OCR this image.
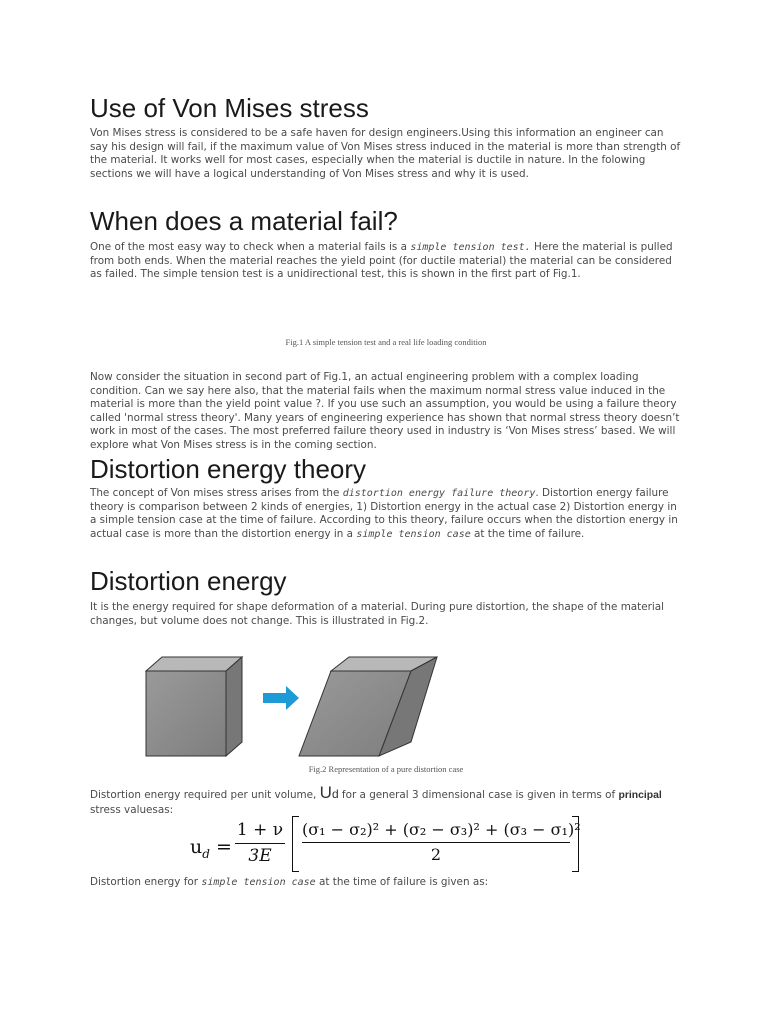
Use of Von Mises stress

Von Mises stress is considered to be a safe haven for design engineers.Using this information an engineer can say his design will fail, if the maximum value of Von Mises stress induced in the material is more than strength of the material. It works well for most cases, especially when the material is ductile in nature. In the folowing sections we will have a logical understanding of Von Mises stress and why it is used.

When does a material fail?

One of the most easy way to check when a material fails is a simple tension test. Here the material is pulled from both ends. When the material reaches the yield point (for ductile material) the material can be considered as failed. The simple tension test is a unidirectional test, this is shown in the first part of Fig.1.

Fig.1 A simple tension test and a real life loading condition

Now consider the situation in second part of Fig.1, an actual engineering problem with a complex loading condition. Can we say here also, that the material fails when the maximum normal stress value induced in the material is more than the yield point value ?. If you use such an assumption, you would be using a failure theory called 'normal stress theory'. Many years of engineering experience has shown that normal stress theory doesn’t work in most of the cases. The most preferred failure theory used in industry is ‘Von Mises stress’ based. We will explore what Von Mises stress is in the coming section.

Distortion energy theory

The concept of Von mises stress arises from the distortion energy failure theory. Distortion energy failure theory is comparison between 2 kinds of energies, 1) Distortion energy in the actual case 2) Distortion energy in a simple tension case at the time of failure. According to this theory, failure occurs when the distortion energy in actual case is more than the distortion energy in a simple tension case at the time of failure.

Distortion energy

It is the energy required for shape deformation of a material. During pure distortion, the shape of the material changes, but volume does not change. This is illustrated in Fig.2.

Fig.2 Representation of a pure distortion case

Distortion energy required per unit volume, Ud for a general 3 dimensional case is given in terms of principal
stress valuesas:

$u_d$ =
1 + ν
3E
(σ₁ − σ₂)² + (σ₂ − σ₃)² + (σ₃ − σ₁)²
2

Distortion energy for simple tension case at the time of failure is given as:
